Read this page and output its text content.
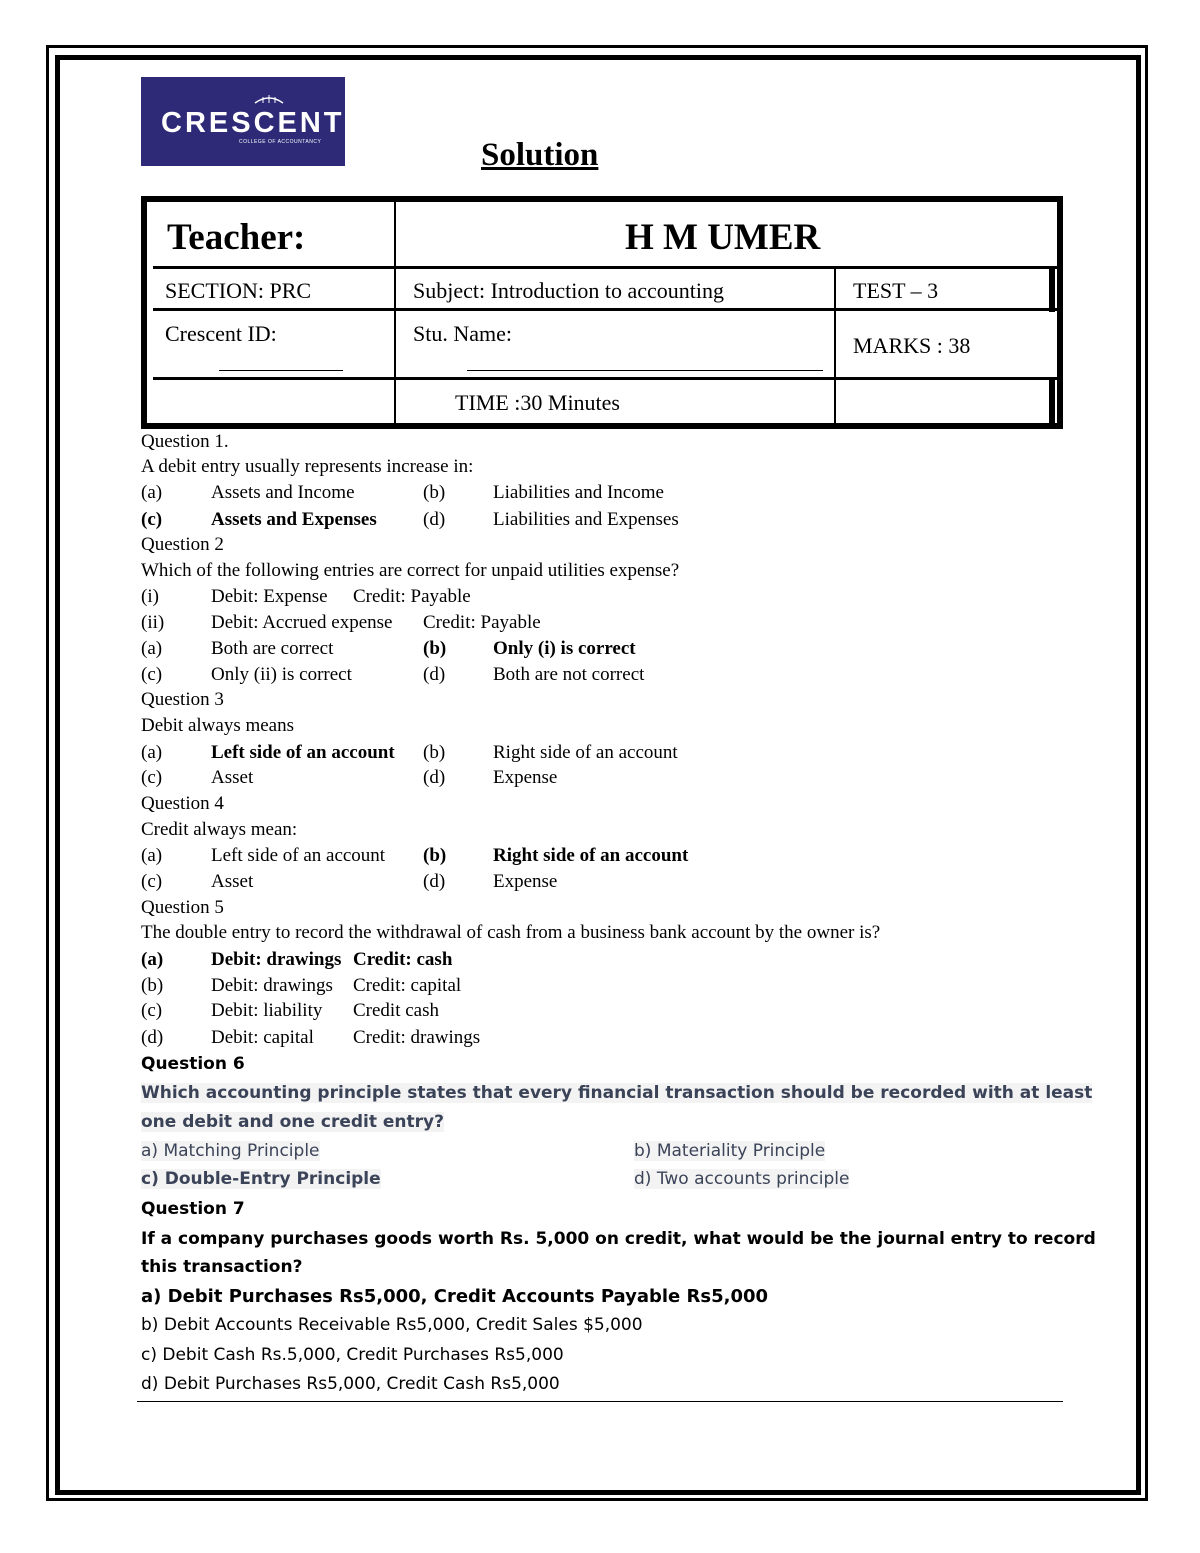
CRESCENT
COLLEGE OF ACCOUNTANCY	Solution
Teacher:	H M UMER
SECTION: PRC	Subject: Introduction to accounting	TEST – 3
Crescent ID:	Stu. Name:	MARKS : 38
TIME :30 Minutes
Question 1.
A debit entry usually represents increase in:
(a)	Assets and Income	(b)	Liabilities and Income
(c)	Assets and Expenses (d)	Liabilities and Expenses
Question 2
Which of the following entries are correct for unpaid utilities expense?
(i)	Debit: Expense Credit: Payable
(ii) Debit: Accrued expense Credit: Payable
(a)	Both are correct	(b) Only (i) is correct
(c)	Only (ii) is correct	(d)	Both are not correct
Question 3
Debit always means
(a)	Left side of an account (b)	Right side of an account
(c)	Asset	(d)	Expense
Question 4
Credit always mean:
(a)	Left side of an account (b) Right side of an account
(c)	Asset	(d)	Expense
Question 5
The double entry to record the withdrawal of cash from a business bank account by the owner is?
(a)	Debit: drawings Credit: cash
(b)	Debit: drawings Credit: capital
(c)	Debit: liability Credit cash
(d)	Debit: capital Credit: drawings
Question 6
Which accounting principle states that every financial transaction should be recorded with at least
one debit and one credit entry?
a) Matching Principle	b) Materiality Principle
c) Double-Entry Principle	d) Two accounts principle
Question 7
If a company purchases goods worth Rs. 5,000 on credit, what would be the journal entry to record
this transaction?
a) Debit Purchases Rs5,000, Credit Accounts Payable Rs5,000
b) Debit Accounts Receivable Rs5,000, Credit Sales $5,000
c) Debit Cash Rs.5,000, Credit Purchases Rs5,000
d) Debit Purchases Rs5,000, Credit Cash Rs5,000
